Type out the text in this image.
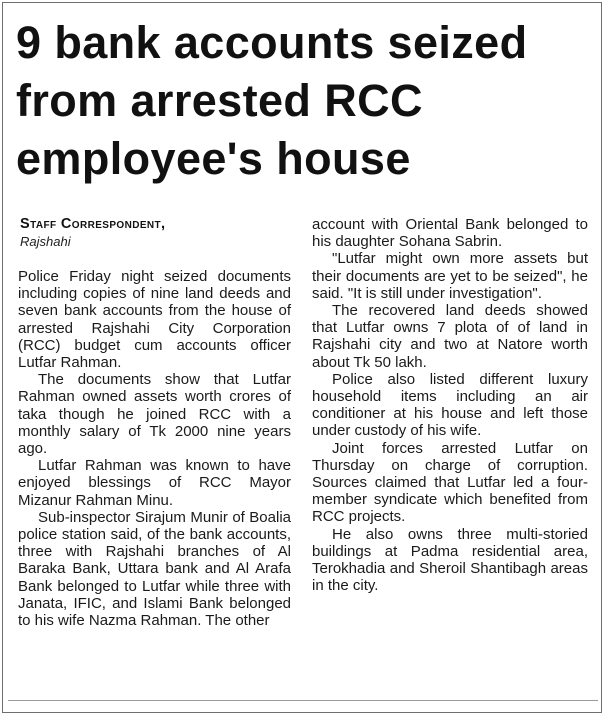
9 bank accounts seized
from arrested RCC
employee's house
Staff Correspondent,
Rajshahi

Police Friday night seized documents including copies of nine land deeds and seven bank accounts from the house of arrested Rajshahi City Corporation (RCC) budget cum accounts officer Lutfar Rahman.

The documents show that Lutfar Rahman owned assets worth crores of taka though he joined RCC with a monthly salary of Tk 2000 nine years ago.

Lutfar Rahman was known to have enjoyed blessings of RCC Mayor Mizanur Rahman Minu.

Sub-inspector Sirajum Munir of Boalia police station said, of the bank accounts, three with Rajshahi branches of Al Baraka Bank, Uttara bank and Al Arafa Bank belonged to Lutfar while three with Janata, IFIC, and Islami Bank belonged to his wife Nazma Rahman. The other

account with Oriental Bank belonged to his daughter Sohana Sabrin.

"Lutfar might own more assets but their documents are yet to be seized", he said. "It is still under investigation".

The recovered land deeds showed that Lutfar owns 7 plota of of land in Rajshahi city and two at Natore worth about Tk 50 lakh.

Police also listed different luxury household items including an air conditioner at his house and left those under custody of his wife.

Joint forces arrested Lutfar on Thursday on charge of corruption. Sources claimed that Lutfar led a four-member syndicate which benefited from RCC projects.

He also owns three multi-storied buildings at Padma residential area, Terokhadia and Sheroil Shantibagh areas in the city.
